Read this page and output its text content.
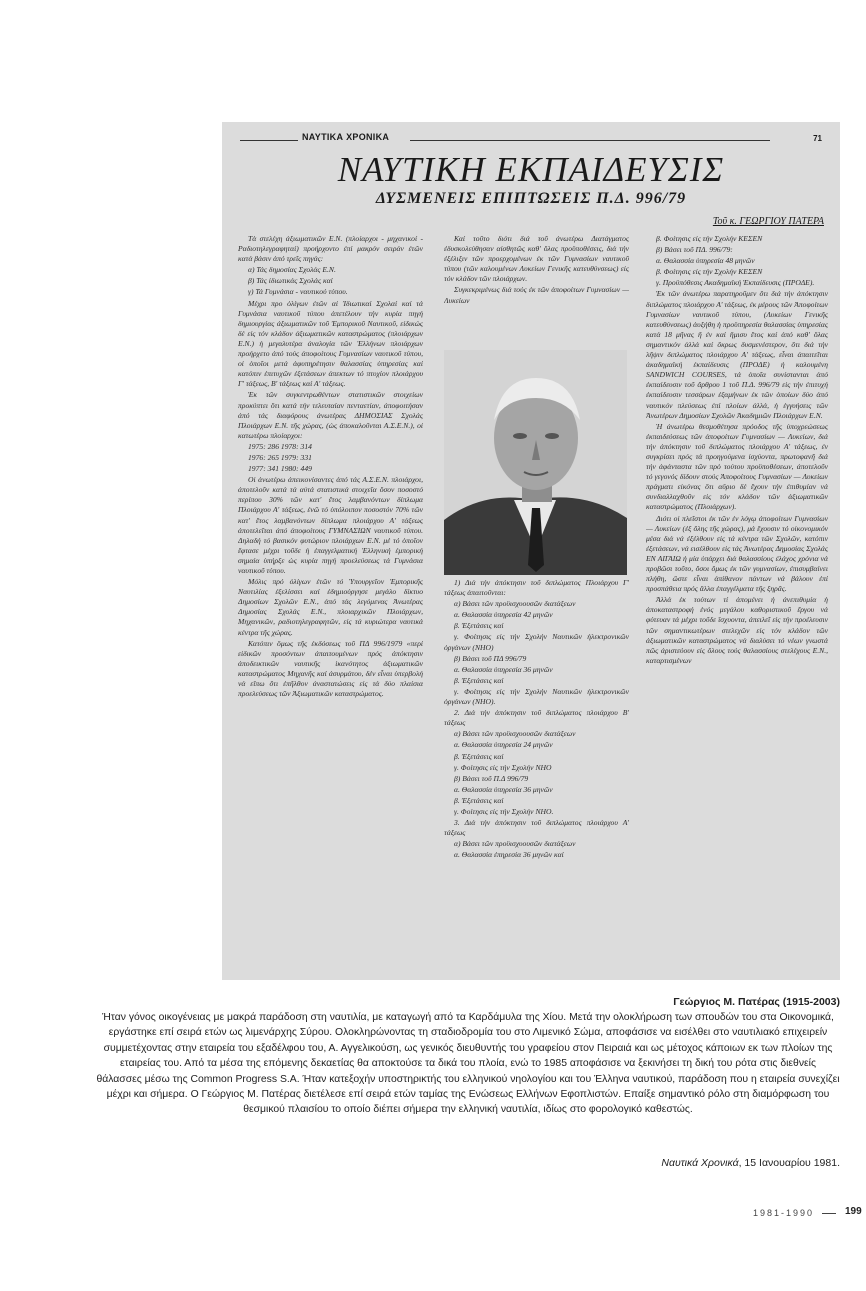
ΝΑΥΤΙΚΑ ΧΡΟΝΙΚΑ	71
ΝΑΥΤΙΚΗ ΕΚΠΑΙΔΕΥΣΙΣ
ΔΥΣΜΕΝΕΙΣ ΕΠΙΠΤΩΣΕΙΣ Π.Δ. 996/79
Τοῦ κ. ΓΕΩΡΓΙΟΥ ΠΑΤΕΡΑ

Τὰ στελέχη ἀξιωματικῶν Ε.Ν. (πλοίαρχοι - μηχανικοί - Ραδιοτηλεγραφηταί) προήρχοντο ἐπί μακρόν σειράν ἐτῶν κατά βάσιν ἀπό τρεῖς πηγάς:

α) Τάς δημοσίας Σχολάς Ε.Ν.

β) Τάς ἰδιωτικάς Σχολάς καί

γ) Τά Γυμνάσια - ναυτικού τύπου.

Μέχρι προ ὀλίγων ἐτῶν αἱ Ἰδιωτικαί Σχολαί καί τά Γυμνάσια ναυτικοῦ τύπου ἀπετέλουν τήν κυρία πηγή δημιουργίας ἀξιωματικῶν τοῦ Ἐμπορικοῦ Ναυτικοῦ, εἰδικώς δέ εἰς τόν κλάδον ἀξιωματικῶν καταστρώματος (πλοιάρχων Ε.Ν.) ἡ μεγαλυτέρα ἀναλογία τῶν Ἑλλήνων πλοιάρχων προήρχετο ἀπό τούς ἀποφοίτους Γυμνασίων ναυτικοῦ τύπου, οἱ ὁποῖοι μετά ἀφυπηρέτησιν θαλασσίας ὑπηρεσίας καί κατόπιν ἐπιτυχῶν ἐξετάσεων ἀπεκτων τό πτυχίον πλοιάρχου Γ' τάξεως, Β' τάξεως καί Α' τάξεως.

Ἐκ τῶν συγκεντρωθέντων στατιστικῶν στοιχείων προκύπτει ὅτι κατά τήν τελευταίαν πενταετίαν, ἀποφοιτήσαν ἀπό τάς διαφόρους ἀνωτέρας ΔΗΜΟΣΙΑΣ Σχολάς Πλοιάρχων Ε.Ν. τῆς χώρας, (ὡς ἀποκαλοῦνται Α.Σ.Ε.Ν.), οἱ κατωτέρω πλοίαρχοι:

1975: 286 1978: 314

1976: 265 1979: 331

1977: 341 1980: 449

Οἱ ἀνωτέρω ἀπεικονίσαντες ἀπό τάς Α.Σ.Ε.Ν. πλοιάρχοι, ἀποτελοῦν κατά τά αὐτά στατιστικά στοιχεῖα ὅσον ποσοστό περίπου 30% τῶν κατ' ἔτος λαμβανόντων δίπλωμα Πλοιάρχου Α' τάξεως, ἐνῶ τό ὑπόλοιπον ποσοστόν 70% τῶν κατ' ἔτος λαμβανόντων δίπλωμα πλοιάρχου Α' τάξεως ἀποτελεῖται ἀπό ἀποφοίτους ΓΥΜΝΑΣΙΩΝ ναυτικοῦ τύπου. Δηλαδή τό βασικόν φυτώριον πλοιάρχων Ε.Ν. μέ τό ὁποῖον ἔφτασε μέχρι τοῦδε ἡ ἐπαγγελματική Ἑλληνική ἐμπορική σημαία ὑπήρξε ὡς κυρία πηγή προελεύσεως τά Γυμνάσια ναυτικοῦ τύπου.

Μόλις πρό ὀλίγων ἐτῶν τό Ὑπουργεῖον Ἐμπορικῆς Ναυτιλίας ἐξελίσσει καί ἐδημιούργησε μεγάλο δίκτυο Δημοσίων Σχολῶν Ε.Ν., ἀπό τάς λεγόμενας Ἀνωτέρας Δημοσίας Σχολάς Ε.Ν., πλοιαρχικῶν Πλοιάρχων, Μηχανικῶν, ραδιοτηλεγραφητῶν, εἰς τά κυριώτερα ναυτικά κέντρα τῆς χώρας.

Κατόπιν ὅμως τῆς ἐκδόσεως τοῦ ΠΔ 996/1979 «περί εἰδικῶν προσόντων ἀπαιτουμένων πρός ἀπόκτησιν ἀποδεικτικῶν ναυτικῆς ἱκανότητος ἀξιωματικῶν καταστρώματος Μηχανῆς καί ἀσυρμάτου, δέν εἶναι ὑπερβολή νά εἴπω ὅτι ἐπῆλθον ἀναστατώσεις εἰς τά δύο πλαίσια προελεύσεως τῶν Ἀξιωματικῶν καταστρώματος.

Καί τοῦτο διότι διά τοῦ ἀνωτέρω Διατάγματος ἐδυσκολεύθησαν αἰσθητῶς καθ' ὅλας προϋποθέσεις, διά τήν ἐξέλιξιν τῶν προερχομένων ἐκ τῶν Γυμνασίων ναυτικοῦ τύπου (τῶν καλουμένων Λυκείων Γενικῆς κατευθύνσεως) εἰς τόν κλάδον τῶν πλοιάρχων.

Συγκεκριμένως διά τούς ἐκ τῶν ἀποφοίτων Γυμνασίων — Λυκείων

1) Διά τήν ἀπόκτησιν τοῦ διπλώματος Πλοιάρχου Γ' τάξεως ἀπαιτοῦνται:

α) Βάσει τῶν προϋισχυουσῶν διατάξεων

α. Θαλασσία ὑπηρεσία 42 μηνῶν

β. Ἐξετάσεις καί

γ. Φοίτησις εἰς τήν Σχολήν Ναυτικῶν ἠλεκτρονικῶν ὀργάνων (ΝΗΟ)

β) Βάσει τοῦ ΠΔ 996/79

α. Θαλασσία ὑπηρεσία 36 μηνῶν

β. Ἐξετάσεις καί

γ. Φοίτησις εἰς τήν Σχολήν Ναυτικῶν ἠλεκτρονικῶν ὀργάνων (ΝΗΟ).

2. Διά τήν ἀπόκτησιν τοῦ διπλώματος πλοιάρχου Β' τάξεως

α) Βάσει τῶν προϋισχυουσῶν διατάξεων

α. Θαλασσία ὑπηρεσία 24 μηνῶν

β. Ἐξετάσεις καί

γ. Φοίτησις εἰς τήν Σχολήν ΝΗΟ

β) Βάσει τοῦ Π.Δ 996/79

α. Θαλασσία ὑπηρεσία 36 μηνῶν

β. Ἐξετάσεις καί

γ. Φοίτησις εἰς τήν Σχολήν ΝΗΟ.

3. Διά τήν ἀπόκτησιν τοῦ διπλώματος πλοιάρχου Α' τάξεως

α) Βάσει τῶν προϋισχυουσῶν διατάξεων

α. Θαλασσία ἐπηρεσία 36 μηνῶν καί

β. Φοίτησις εἰς τήν Σχολήν ΚΕΣΕΝ

β) Βάσει τοῦ ΠΔ. 996/79:

α. Θαλασσία ὑπηρεσία 48 μηνῶν

β. Φοίτησις εἰς τήν Σχολήν ΚΕΣΕΝ

γ. Προϋπόθεσις Ακαδημαϊκή Ἐκπαίδευσις (ΠΡΟΔΕ).

Ἐκ τῶν ἀνωτέρω παρατηροῦμεν ὅτι διά τήν ἀπόκτησιν διπλώματος πλοιάρχου Α' τάξεως, ἐκ μέρους τῶν Ἀποφοίτων Γυμνασίων ναυτικοῦ τύπου, (Λυκείων Γενικῆς κατευθύνσεως) ἀυξήθη ἡ προϋπηρεσία θαλασσίας ὑπηρεσίας κατά 18 μῆνας ἤ ἐν καί ἥμισυ ἔτος καί ἀπό καθ' ὅλας σημαντικόν ἀλλά καί ὅκρως δυσμενέστερον, ὅτι διά τήν λῆψιν διπλώματος πλοιάρχου Α' τάξεως, εἶναι ἀπαιτεῖται ἀκαδημαϊκή ἐκπαίδευσις (ΠΡΟΔΕ) ἡ καλουμένη SANDWICH COURSES, τά ὁποῖα συνίστανται ἀπό ἐκπαίδευσιν τοῦ ἄρθρου 1 τοῦ Π.Δ. 996/79 εἰς τήν ἐπιτυχή ἐκπαίδευσιν τεσσάρων ἐξαμήνων ἐκ τῶν ὁποίων δύο ἀπό ναυτικόν πλεύσεως ἐπί πλοίων ἀλλά, ἡ ἐγγυήσεις τῶν Ἀνωτέρων Δημοσίων Σχολῶν Ἀκαδημιῶν Πλοιάρχων Ε.Ν.

Ἡ ἀνωτέρω θεσμοθέτησα πρόοδος τῆς ὑποχρεώσεως ἐκπαιδεύσεως τῶν ἀποφοίτων Γυμνασίων — Λυκείων, διά τήν ἀπόκτησιν τοῦ διπλώματος πλοιάρχου Α' τάξεως, ἐν συγκρίσει πρός τά προηγούμενα ἰσχύοντα, πρωτοφανῆ διά τήν ἀφάνταστα τῶν πρὸ τούτου προϋποθέσεων, ἀποτελοῦν τό γεγονός δίδουν στούς Ἀποφοίτους Γυμνασίων — Λυκείων πράγματι εἰκόνας ὅτι αὔριο δέ ἔχουν τήν ἐπιθυμίαν νά συνδιαλλαχθοῦν εἰς τόν κλάδον τῶν ἀξιωματικῶν καταστρώματος (Πλοιάρχων).

Διότι οἱ πλεῖστοι ἐκ τῶν ἐν λόγῳ ἀποφοίτων Γυμνασίων — Λυκείων (ἐξ ὅλης τῆς χώρας), μά ἔχουσιν τό οἰκονομικόν μέσα διά νά ἐξέλθουν εἰς τά κέντρα τῶν Σχολῶν, κατόπιν ἐξετάσεων, νά εισέλθουν εἰς τάς Ἀνωτέρας Δημοσίας Σχολάς ΕΝ ΑΙΓΑΙΩ ἡ μία ὑπάρχει διά θαλασσίους ἐλάχος χρόνια νά προβῶσι τοῦτο, ὅσοι ὅμως ἐκ τῶν γυμνασίων, ἐπισυμβαίνει πλήθη, ὥστε εἶναι ἀπίθανον πάντων νά βάλουν ἐπί προσπάθεια πρός ἄλλα ἐπαγγέλματα τῆς ξηρᾶς.

Ἀλλά ἐκ τούτων τί ἀπομένει ἡ ἀνεπιθυμία ἡ ἀποκαταστροφή ἑνός μεγάλου καθοριστικοῦ ἔργου νά φύτευαν τά μέχρι τοῦδε ἴσχυοντα, ἀπειλεῖ εἰς τήν προέλευσιν τῶν σημαντικωτέρων στελεχῶν εἰς τόν κλάδον τῶν ἀξιωματικῶν καταστρώματος νά διαλύσει τό νέων γνωστά πῶς ἀριστεύουν εἰς ὅλους τούς θαλασσίους στελέχους Ε.Ν., καταρτισμένων

Γεώργιος Μ. Πατέρας (1915-2003)
Ήταν γόνος οικογένειας με μακρά παράδοση στη ναυτιλία, με καταγωγή από τα Καρδάμυλα της Χίου. Μετά την ολοκλήρωση των σπουδών του στα Οικονομικά, εργάστηκε επί σειρά ετών ως λιμενάρχης Σύρου. Ολοκληρώνοντας τη σταδιοδρομία του στο Λιμενικό Σώμα, αποφάσισε να εισέλθει στο ναυτιλιακό επιχειρείν συμμετέχοντας στην εταιρεία του εξαδέλφου του, Α. Αγγελικούση, ως γενικός διευθυντής του γραφείου στον Πειραιά και ως μέτοχος κάποιων εκ των πλοίων της εταιρείας του. Από τα μέσα της επόμενης δεκαετίας θα αποκτούσε τα δικά του πλοία, ενώ το 1985 αποφάσισε να ξεκινήσει τη δική του ρότα στις διεθνείς θάλασσες μέσω της Common Progress S.A. Ήταν κατεξοχήν υποστηρικτής του ελληνικού νηολογίου και του Έλληνα ναυτικού, παράδοση που η εταιρεία συνεχίζει μέχρι και σήμερα. Ο Γεώργιος Μ. Πατέρας διετέλεσε επί σειρά ετών ταμίας της Ενώσεως Ελλήνων Εφοπλιστών. Επαίξε σημαντικό ρόλο στη διαμόρφωση του θεσμικού πλαισίου το οποίο διέπει σήμερα την ελληνική ναυτιλία, ιδίως στο φορολογικό καθεστώς.
Ναυτικά Χρονικά, 15 Ιανουαρίου 1981.
1981-1990	199
